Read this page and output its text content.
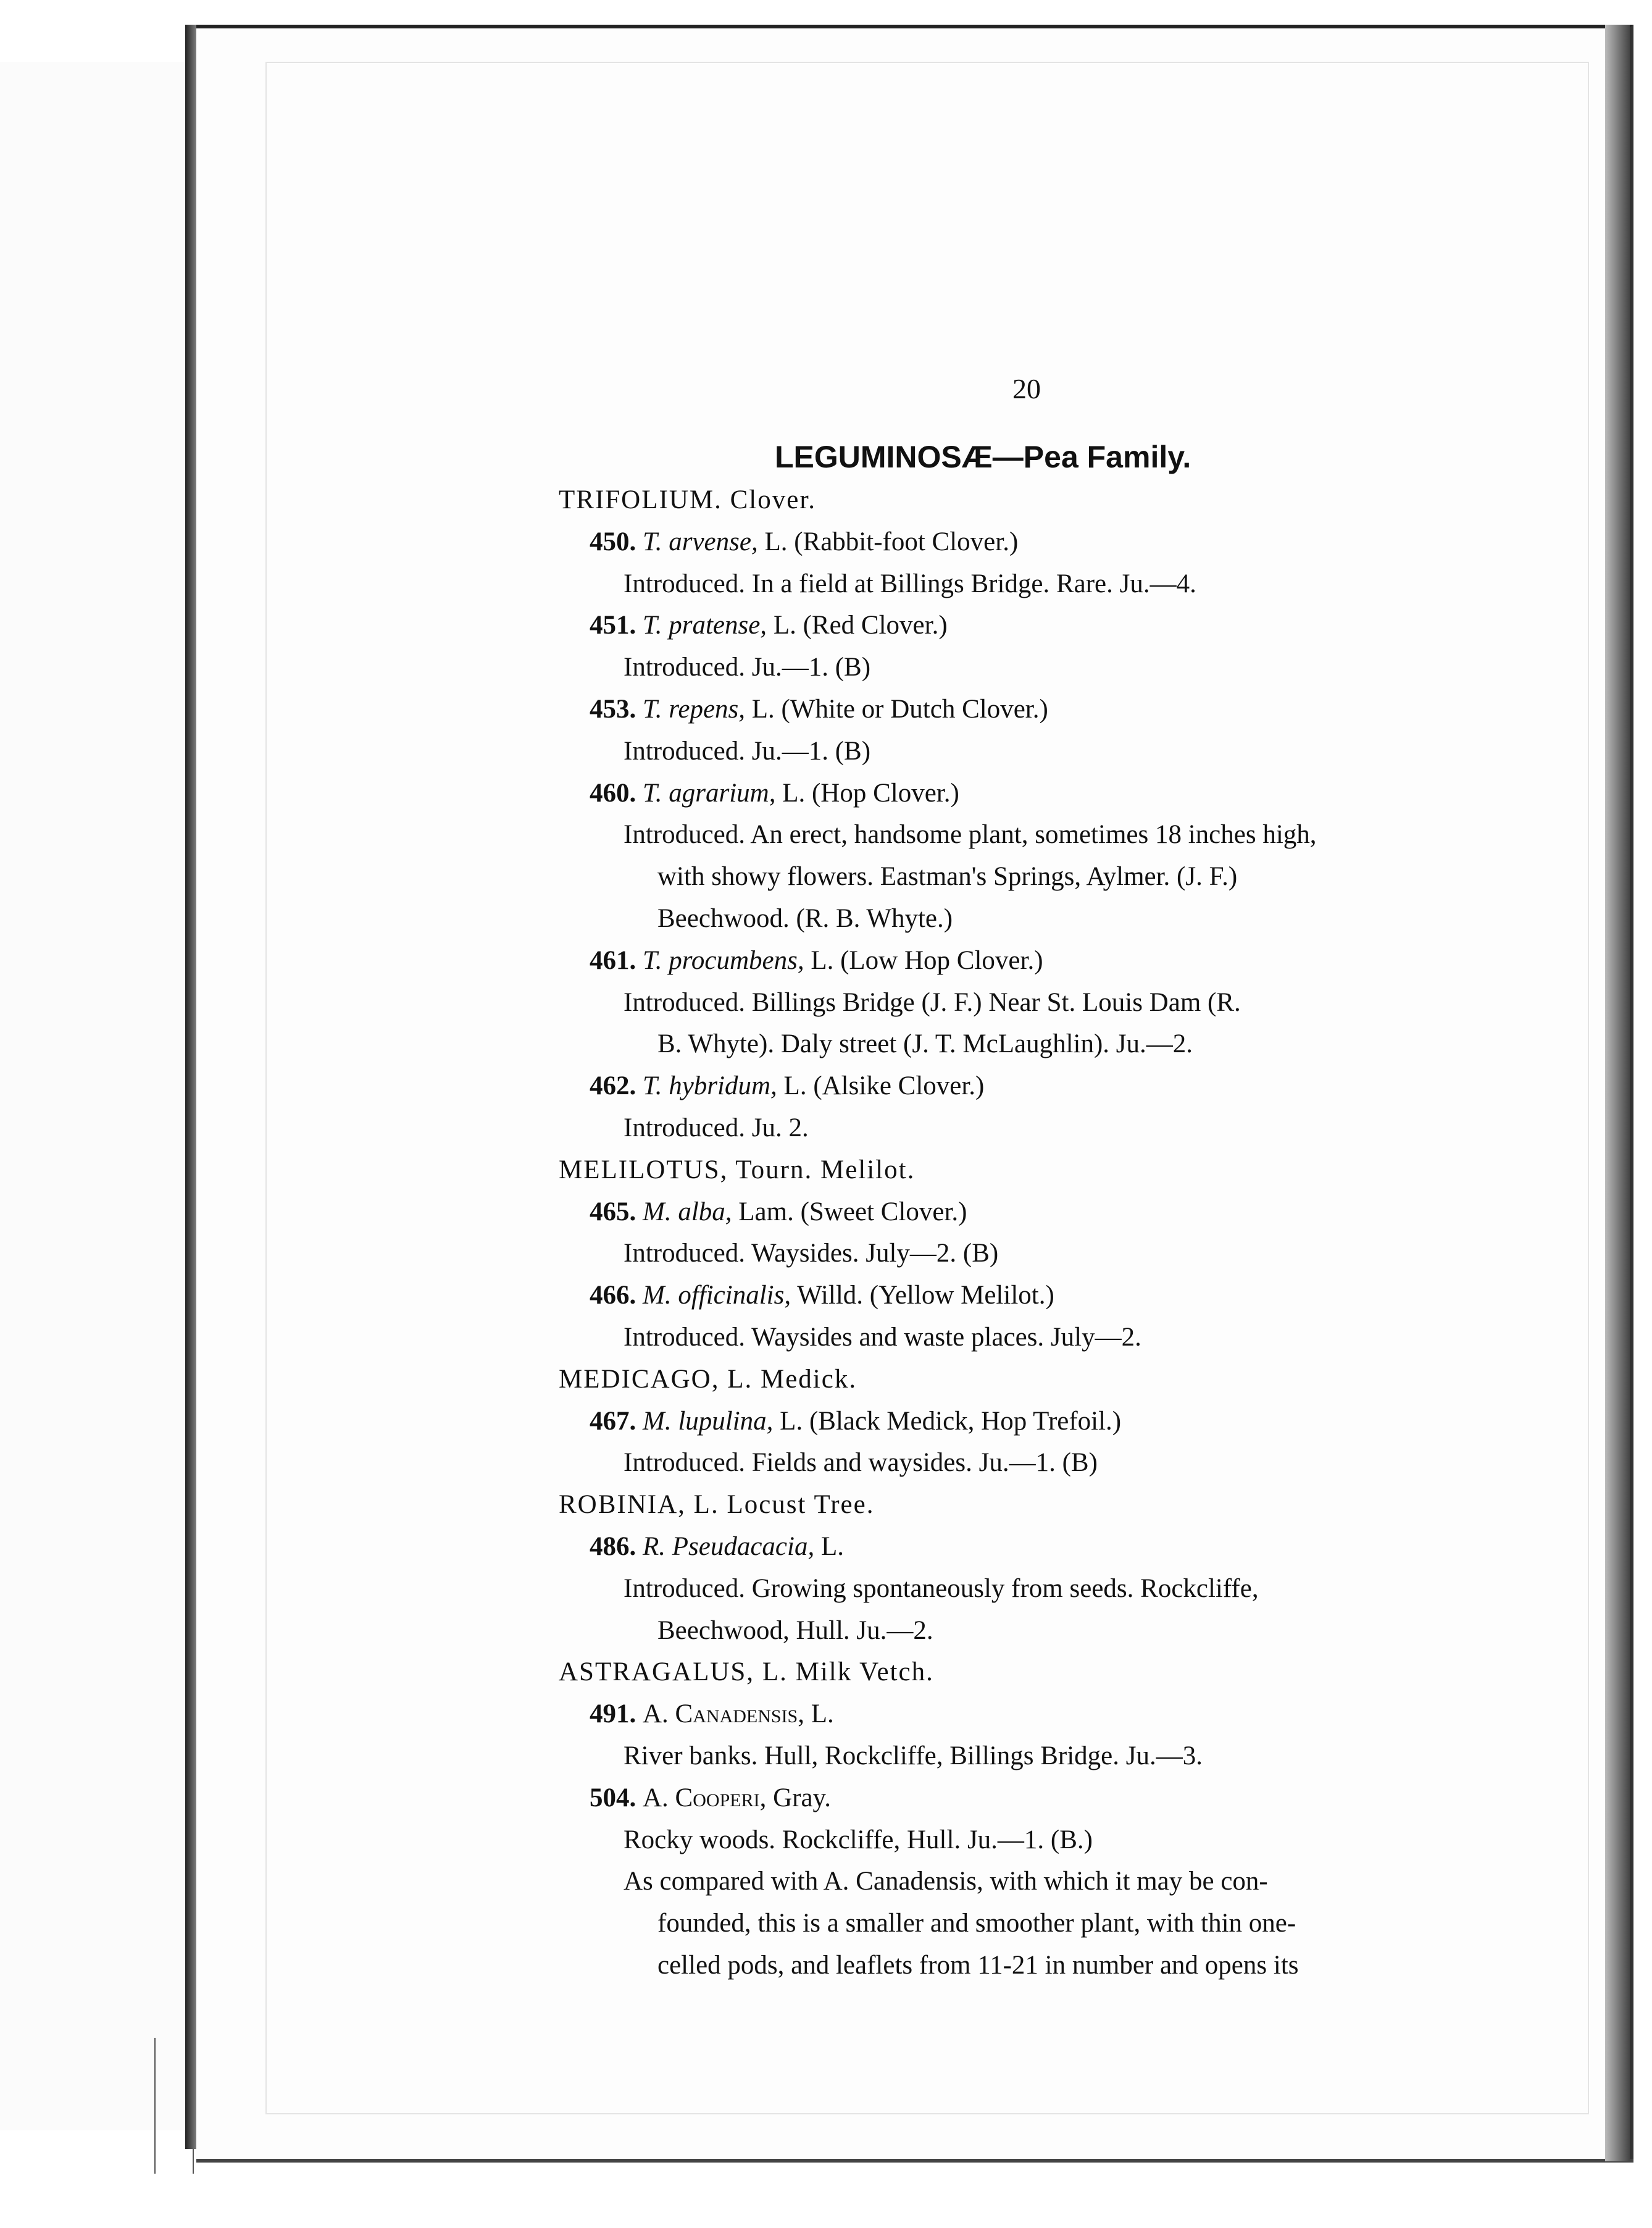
20
LEGUMINOSÆ—Pea Family.
TRIFOLIUM. Clover.
450. T. arvense, L. (Rabbit-foot Clover.)
Introduced. In a field at Billings Bridge. Rare. Ju.—4.
451. T. pratense, L. (Red Clover.)
Introduced. Ju.—1. (B)
453. T. repens, L. (White or Dutch Clover.)
Introduced. Ju.—1. (B)
460. T. agrarium, L. (Hop Clover.)
Introduced. An erect, handsome plant, sometimes 18 inches high,
with showy flowers. Eastman's Springs, Aylmer. (J. F.)
Beechwood. (R. B. Whyte.)
461. T. procumbens, L. (Low Hop Clover.)
Introduced. Billings Bridge (J. F.) Near St. Louis Dam (R.
B. Whyte). Daly street (J. T. McLaughlin). Ju.—2.
462. T. hybridum, L. (Alsike Clover.)
Introduced. Ju. 2.
MELILOTUS, Tourn. Melilot.
465. M. alba, Lam. (Sweet Clover.)
Introduced. Waysides. July—2. (B)
466. M. officinalis, Willd. (Yellow Melilot.)
Introduced. Waysides and waste places. July—2.
MEDICAGO, L. Medick.
467. M. lupulina, L. (Black Medick, Hop Trefoil.)
Introduced. Fields and waysides. Ju.—1. (B)
ROBINIA, L. Locust Tree.
486. R. Pseudacacia, L.
Introduced. Growing spontaneously from seeds. Rockcliffe,
Beechwood, Hull. Ju.—2.
ASTRAGALUS, L. Milk Vetch.
491. A. Canadensis, L.
River banks. Hull, Rockcliffe, Billings Bridge. Ju.—3.
504. A. Cooperi, Gray.
Rocky woods. Rockcliffe, Hull. Ju.—1. (B.)
As compared with A. Canadensis, with which it may be con-
founded, this is a smaller and smoother plant, with thin one-
celled pods, and leaflets from 11-21 in number and opens its
